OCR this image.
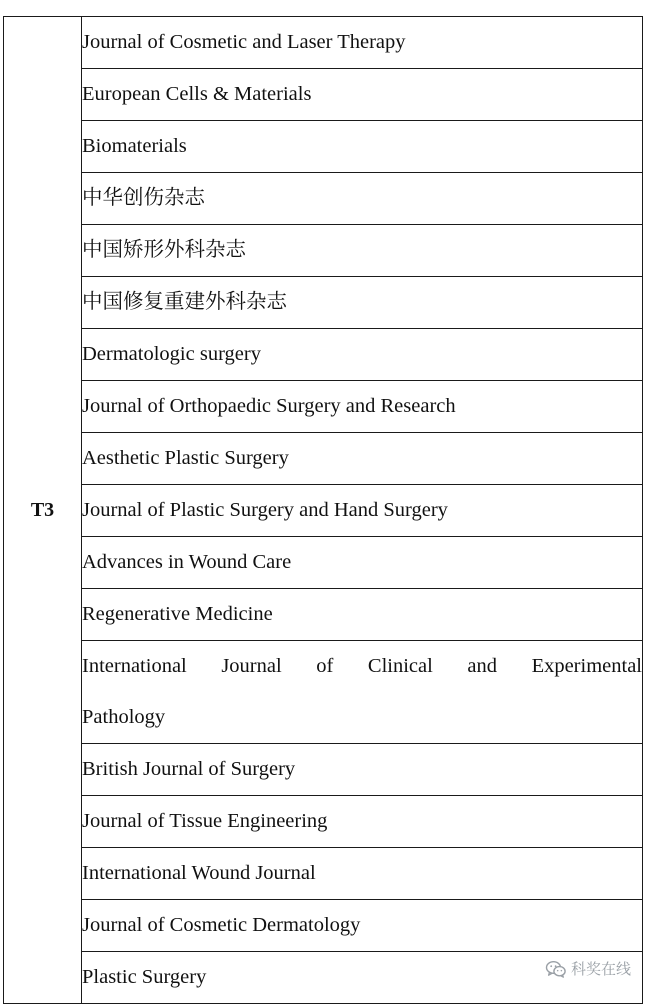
T3	Journal of Cosmetic and Laser Therapy
European Cells & Materials
Biomaterials
中华创伤杂志
中国矫形外科杂志
中国修复重建外科杂志
Dermatologic surgery
Journal of Orthopaedic Surgery and Research
Aesthetic Plastic Surgery
Journal of Plastic Surgery and Hand Surgery
Advances in Wound Care
Regenerative Medicine

International Journal of Clinical and Experimental
Pathology

British Journal of Surgery
Journal of Tissue Engineering
International Wound Journal
Journal of Cosmetic Dermatology
Plastic Surgery	科奖在线
